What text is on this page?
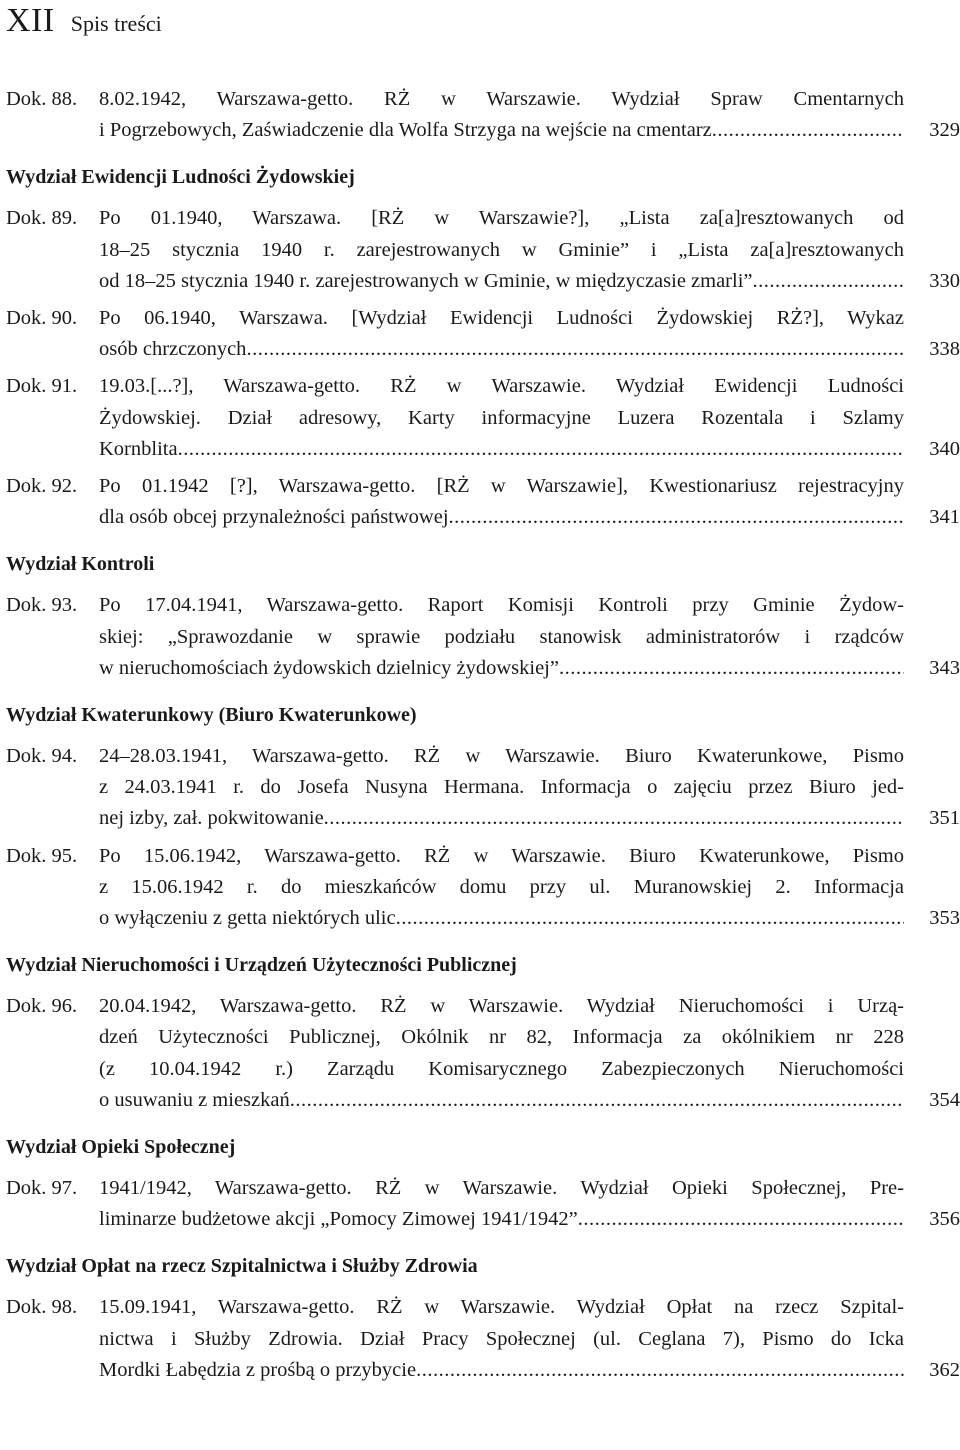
XII Spis treści
Dok. 88.	8.02.1942, Warszawa-getto. RŻ w Warszawie. Wydział Spraw Cmentarnych
i Pogrzebowych, Zaświadczenie dla Wolfa Strzyga na wejście na cmentarz .....	329
Wydział Ewidencji Ludności Żydowskiej
Dok. 89.	Po 01.1940, Warszawa. [RŻ w Warszawie?], „Lista za[a]resztowanych od
18–25 stycznia 1940 r. zarejestrowanych w Gminie” i „Lista za[a]resztowanych
od 18–25 stycznia 1940 r. zarejestrowanych w Gminie, w międzyczasie zmarli” .....	330
Dok. 90.	Po 06.1940, Warszawa. [Wydział Ewidencji Ludności Żydowskiej RŻ?], Wykaz
osób chrzczonych .....	338
Dok. 91.	19.03.[...?], Warszawa-getto. RŻ w Warszawie. Wydział Ewidencji Ludności
Żydowskiej. Dział adresowy, Karty informacyjne Luzera Rozentala i Szlamy
Kornblita .....	340
Dok. 92.	Po 01.1942 [?], Warszawa-getto. [RŻ w Warszawie], Kwestionariusz rejestracyjny
dla osób obcej przynależności państwowej .....	341
Wydział Kontroli
Dok. 93.	Po 17.04.1941, Warszawa-getto. Raport Komisji Kontroli przy Gminie Żydow-
skiej: „Sprawozdanie w sprawie podziału stanowisk administratorów i rządców
w nieruchomościach żydowskich dzielnicy żydowskiej” .....	343
Wydział Kwaterunkowy (Biuro Kwaterunkowe)
Dok. 94.	24–28.03.1941, Warszawa-getto. RŻ w Warszawie. Biuro Kwaterunkowe, Pismo
z 24.03.1941 r. do Josefa Nusyna Hermana. Informacja o zajęciu przez Biuro jed-
nej izby, zał. pokwitowanie .....	351
Dok. 95.	Po 15.06.1942, Warszawa-getto. RŻ w Warszawie. Biuro Kwaterunkowe, Pismo
z 15.06.1942 r. do mieszkańców domu przy ul. Muranowskiej 2. Informacja
o wyłączeniu z getta niektórych ulic .....	353
Wydział Nieruchomości i Urządzeń Użyteczności Publicznej
Dok. 96.	20.04.1942, Warszawa-getto. RŻ w Warszawie. Wydział Nieruchomości i Urzą-
dzeń Użyteczności Publicznej, Okólnik nr 82, Informacja za okólnikiem nr 228
(z 10.04.1942 r.) Zarządu Komisarycznego Zabezpieczonych Nieruchomości
o usuwaniu z mieszkań .....	354
Wydział Opieki Społecznej
Dok. 97.	1941/1942, Warszawa-getto. RŻ w Warszawie. Wydział Opieki Społecznej, Pre-
liminarze budżetowe akcji „Pomocy Zimowej 1941/1942” .....	356
Wydział Opłat na rzecz Szpitalnictwa i Służby Zdrowia
Dok. 98.	15.09.1941, Warszawa-getto. RŻ w Warszawie. Wydział Opłat na rzecz Szpital-
nictwa i Służby Zdrowia. Dział Pracy Społecznej (ul. Ceglana 7), Pismo do Icka
Mordki Łabędzia z prośbą o przybycie .....	362
